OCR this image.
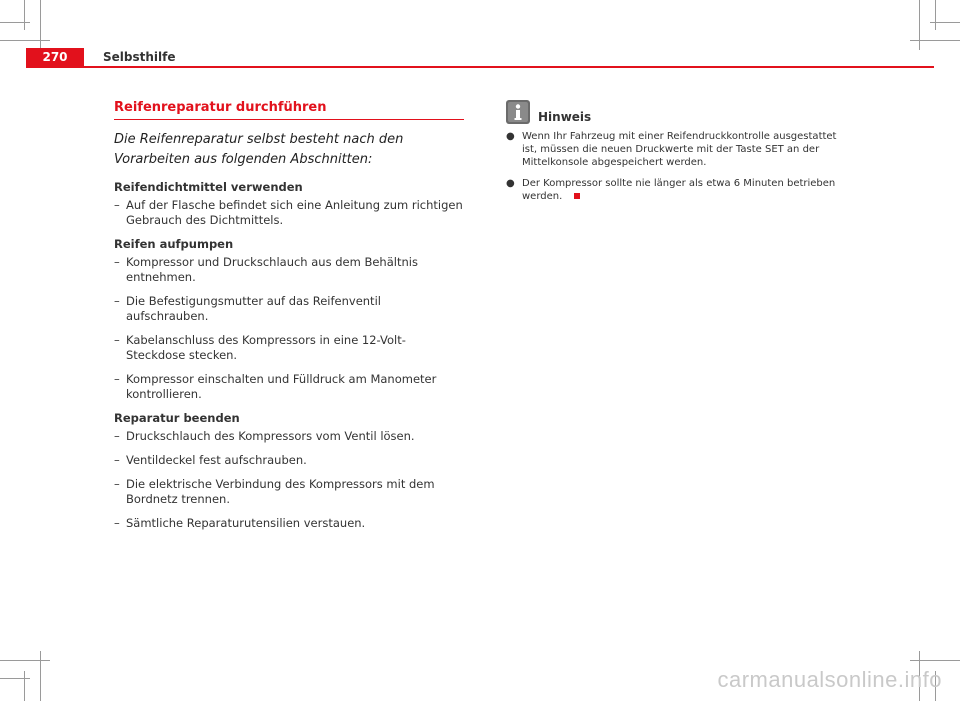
270	Selbsthilfe
Reifenreparatur durchführen

Die Reifenreparatur selbst besteht nach den Vorarbeiten aus folgenden Abschnitten:

Reifendichtmittel verwenden

– Auf der Flasche befindet sich eine Anleitung zum richtigen Gebrauch des Dichtmittels.

Reifen aufpumpen

– Kompressor und Druckschlauch aus dem Behältnis entnehmen.
– Die Befestigungsmutter auf das Reifenventil aufschrauben.
– Kabelanschluss des Kompressors in eine 12-Volt-Steckdose stecken.
– Kompressor einschalten und Fülldruck am Manometer kontrollieren.

Reparatur beenden

– Druckschlauch des Kompressors vom Ventil lösen.
– Ventildeckel fest aufschrauben.
– Die elektrische Verbindung des Kompressors mit dem Bordnetz trennen.
– Sämtliche Reparaturutensilien verstauen.
Hinweis
● Wenn Ihr Fahrzeug mit einer Reifendruckkontrolle ausgestattet ist, müssen die neuen Druckwerte mit der Taste SET an der Mittelkonsole abgespeichert werden.
● Der Kompressor sollte nie länger als etwa 6 Minuten betrieben werden.
carmanualsonline.info
